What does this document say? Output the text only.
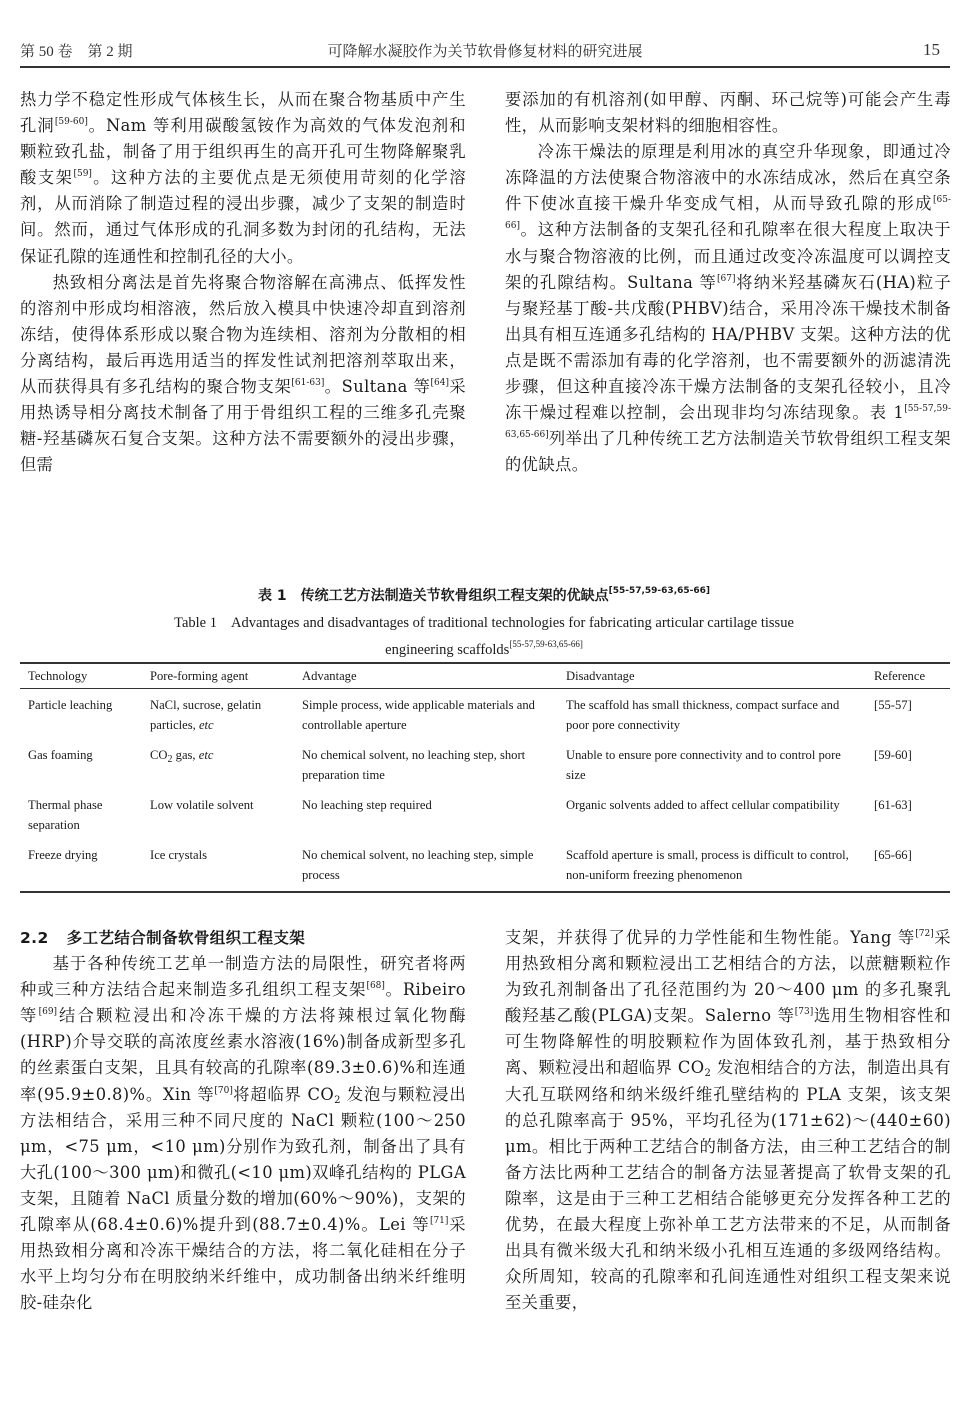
第 50 卷　第 2 期	可降解水凝胶作为关节软骨修复材料的研究进展	15

热力学不稳定性形成气体核生长，从而在聚合物基质中产生孔洞[59-60]。Nam 等利用碳酸氢铵作为高效的气体发泡剂和颗粒致孔盐，制备了用于组织再生的高开孔可生物降解聚乳酸支架[59]。这种方法的主要优点是无须使用苛刻的化学溶剂，从而消除了制造过程的浸出步骤，减少了支架的制造时间。然而，通过气体形成的孔洞多数为封闭的孔结构，无法保证孔隙的连通性和控制孔径的大小。

热致相分离法是首先将聚合物溶解在高沸点、低挥发性的溶剂中形成均相溶液，然后放入模具中快速冷却直到溶剂冻结，使得体系形成以聚合物为连续相、溶剂为分散相的相分离结构，最后再选用适当的挥发性试剂把溶剂萃取出来，从而获得具有多孔结构的聚合物支架[61-63]。Sultana 等[64]采用热诱导相分离技术制备了用于骨组织工程的三维多孔壳聚糖-羟基磷灰石复合支架。这种方法不需要额外的浸出步骤，但需

要添加的有机溶剂(如甲醇、丙酮、环己烷等)可能会产生毒性，从而影响支架材料的细胞相容性。

冷冻干燥法的原理是利用冰的真空升华现象，即通过冷冻降温的方法使聚合物溶液中的水冻结成冰，然后在真空条件下使冰直接干燥升华变成气相，从而导致孔隙的形成[65-66]。这种方法制备的支架孔径和孔隙率在很大程度上取决于水与聚合物溶液的比例，而且通过改变冷冻温度可以调控支架的孔隙结构。Sultana 等[67]将纳米羟基磷灰石(HA)粒子与聚羟基丁酸-共戊酸(PHBV)结合，采用冷冻干燥技术制备出具有相互连通多孔结构的 HA/PHBV 支架。这种方法的优点是既不需添加有毒的化学溶剂，也不需要额外的沥滤清洗步骤，但这种直接冷冻干燥方法制备的支架孔径较小，且冷冻干燥过程难以控制，会出现非均匀冻结现象。表 1[55-57,59-63,65-66]列举出了几种传统工艺方法制造关节软骨组织工程支架的优缺点。

表 1 传统工艺方法制造关节软骨组织工程支架的优缺点[55-57,59-63,65-66]
Table 1 Advantages and disadvantages of traditional technologies for fabricating articular cartilage tissue engineering scaffolds[55-57,59-63,65-66]
Technology	Pore-forming agent	Advantage	Disadvantage	Reference
Particle leaching	NaCl, sucrose, gelatin particles, etc	Simple process, wide applicable materials and controllable aperture	The scaffold has small thickness, compact surface and poor pore connectivity	[55-57]
Gas foaming	$CO_2$ gas, etc	No chemical solvent, no leaching step, short preparation time	Unable to ensure pore connectivity and to control pore size	[59-60]
Thermal phase separation	Low volatile solvent	No leaching step required	Organic solvents added to affect cellular compatibility	[61-63]
Freeze drying	Ice crystals	No chemical solvent, no leaching step, simple process	Scaffold aperture is small, process is difficult to control, non-uniform freezing phenomenon	[65-66]

2.2 多工艺结合制备软骨组织工程支架

基于各种传统工艺单一制造方法的局限性，研究者将两种或三种方法结合起来制造多孔组织工程支架[68]。Ribeiro 等[69]结合颗粒浸出和冷冻干燥的方法将辣根过氧化物酶(HRP)介导交联的高浓度丝素水溶液(16%)制备成新型多孔的丝素蛋白支架，且具有较高的孔隙率(89.3±0.6)%和连通率(95.9±0.8)%。Xin 等[70]将超临界 $CO_2$ 发泡与颗粒浸出方法相结合，采用三种不同尺度的 NaCl 颗粒(100～250 μm，<75 μm，<10 μm)分别作为致孔剂，制备出了具有大孔(100～300 μm)和微孔(<10 μm)双峰孔结构的 PLGA 支架，且随着 NaCl 质量分数的增加(60%～90%)，支架的孔隙率从(68.4±0.6)%提升到(88.7±0.4)%。Lei 等[71]采用热致相分离和冷冻干燥结合的方法，将二氧化硅相在分子水平上均匀分布在明胶纳米纤维中，成功制备出纳米纤维明胶-硅杂化

支架，并获得了优异的力学性能和生物性能。Yang 等[72]采用热致相分离和颗粒浸出工艺相结合的方法，以蔗糖颗粒作为致孔剂制备出了孔径范围约为 20～400 μm 的多孔聚乳酸羟基乙酸(PLGA)支架。Salerno 等[73]选用生物相容性和可生物降解性的明胶颗粒作为固体致孔剂，基于热致相分离、颗粒浸出和超临界 $CO_2$ 发泡相结合的方法，制造出具有大孔互联网络和纳米级纤维孔壁结构的 PLA 支架，该支架的总孔隙率高于 95%，平均孔径为(171±62)～(440±60) μm。相比于两种工艺结合的制备方法，由三种工艺结合的制备方法比两种工艺结合的制备方法显著提高了软骨支架的孔隙率，这是由于三种工艺相结合能够更充分发挥各种工艺的优势，在最大程度上弥补单工艺方法带来的不足，从而制备出具有微米级大孔和纳米级小孔相互连通的多级网络结构。众所周知，较高的孔隙率和孔间连通性对组织工程支架来说至关重要，
